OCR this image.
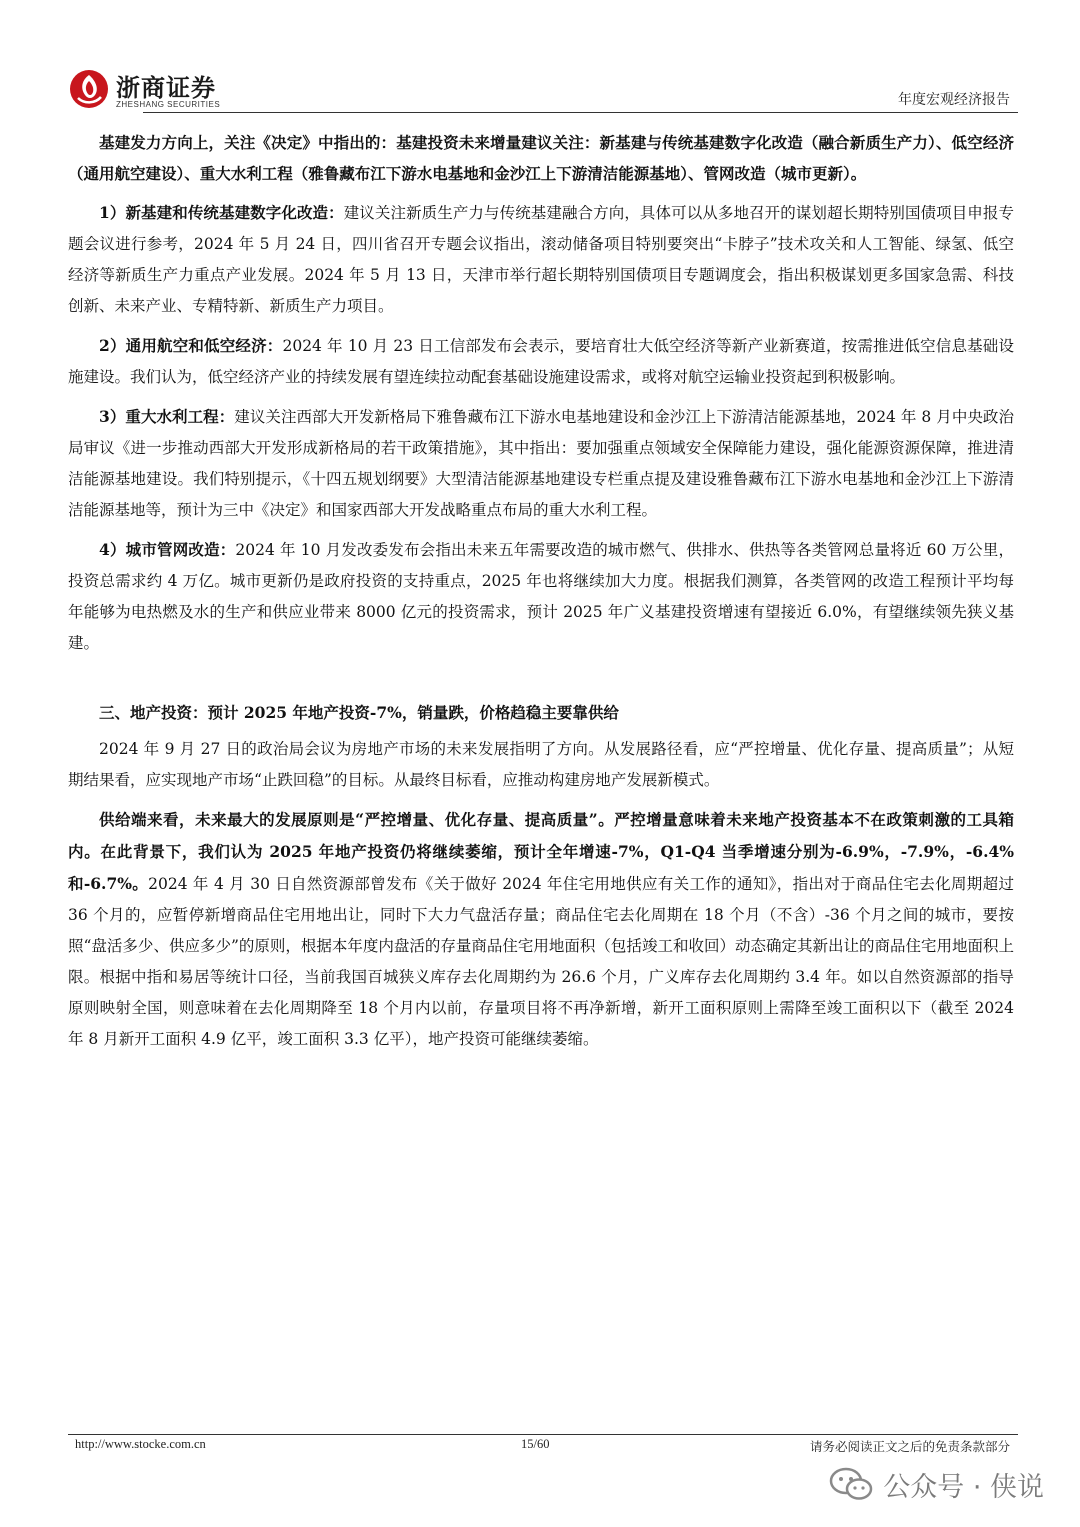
浙商证券
ZHESHANG SECURITIES	年度宏观经济报告

基建发力方向上，关注《决定》中指出的：基建投资未来增量建议关注：新基建与传统基建数字化改造（融合新质生产力）、低空经济（通用航空建设）、重大水利工程（雅鲁藏布江下游水电基地和金沙江上下游清洁能源基地）、管网改造（城市更新）。

1）新基建和传统基建数字化改造：建议关注新质生产力与传统基建融合方向，具体可以从多地召开的谋划超长期特别国债项目申报专题会议进行参考，2024 年 5 月 24 日，四川省召开专题会议指出，滚动储备项目特别要突出“卡脖子”技术攻关和人工智能、绿氢、低空经济等新质生产力重点产业发展。2024 年 5 月 13 日，天津市举行超长期特别国债项目专题调度会，指出积极谋划更多国家急需、科技创新、未来产业、专精特新、新质生产力项目。

2）通用航空和低空经济：2024 年 10 月 23 日工信部发布会表示，要培育壮大低空经济等新产业新赛道，按需推进低空信息基础设施建设。我们认为，低空经济产业的持续发展有望连续拉动配套基础设施建设需求，或将对航空运输业投资起到积极影响。

3）重大水利工程：建议关注西部大开发新格局下雅鲁藏布江下游水电基地建设和金沙江上下游清洁能源基地，2024 年 8 月中央政治局审议《进一步推动西部大开发形成新格局的若干政策措施》，其中指出：要加强重点领域安全保障能力建设，强化能源资源保障，推进清洁能源基地建设。我们特别提示，《十四五规划纲要》大型清洁能源基地建设专栏重点提及建设雅鲁藏布江下游水电基地和金沙江上下游清洁能源基地等，预计为三中《决定》和国家西部大开发战略重点布局的重大水利工程。

4）城市管网改造：2024 年 10 月发改委发布会指出未来五年需要改造的城市燃气、供排水、供热等各类管网总量将近 60 万公里，投资总需求约 4 万亿。城市更新仍是政府投资的支持重点，2025 年也将继续加大力度。根据我们测算，各类管网的改造工程预计平均每年能够为电热燃及水的生产和供应业带来 8000 亿元的投资需求，预计 2025 年广义基建投资增速有望接近 6.0%，有望继续领先狭义基建。

三、地产投资：预计 2025 年地产投资-7%，销量跌，价格趋稳主要靠供给

2024 年 9 月 27 日的政治局会议为房地产市场的未来发展指明了方向。从发展路径看，应“严控增量、优化存量、提高质量”；从短期结果看，应实现地产市场“止跌回稳”的目标。从最终目标看，应推动构建房地产发展新模式。

供给端来看，未来最大的发展原则是“严控增量、优化存量、提高质量”。严控增量意味着未来地产投资基本不在政策刺激的工具箱内。在此背景下，我们认为 2025 年地产投资仍将继续萎缩，预计全年增速-7%，Q1-Q4 当季增速分别为-6.9%，-7.9%，-6.4%和-6.7%。2024 年 4 月 30 日自然资源部曾发布《关于做好 2024 年住宅用地供应有关工作的通知》，指出对于商品住宅去化周期超过 36 个月的，应暂停新增商品住宅用地出让，同时下大力气盘活存量；商品住宅去化周期在 18 个月（不含）-36 个月之间的城市，要按照“盘活多少、供应多少”的原则，根据本年度内盘活的存量商品住宅用地面积（包括竣工和收回）动态确定其新出让的商品住宅用地面积上限。根据中指和易居等统计口径，当前我国百城狭义库存去化周期约为 26.6 个月，广义库存去化周期约 3.4 年。如以自然资源部的指导原则映射全国，则意味着在去化周期降至 18 个月内以前，存量项目将不再净新增，新开工面积原则上需降至竣工面积以下（截至 2024 年 8 月新开工面积 4.9 亿平，竣工面积 3.3 亿平），地产投资可能继续萎缩。

http://www.stocke.com.cn	15/60	请务必阅读正文之后的免责条款部分
公众号 · 侠说
